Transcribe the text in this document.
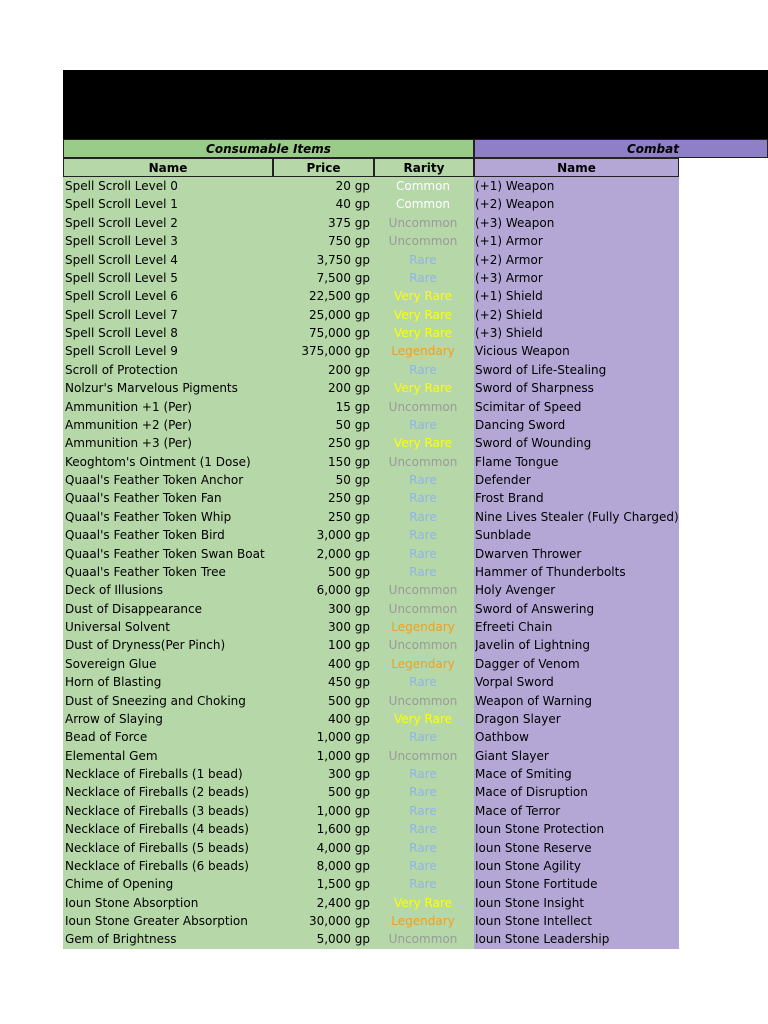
Consumable Items	Combat
Name	Price	Rarity	Name
Spell Scroll Level 0	20 gp	Common	(+1) Weapon
Spell Scroll Level 1	40 gp	Common	(+2) Weapon
Spell Scroll Level 2	375 gp	Uncommon	(+3) Weapon
Spell Scroll Level 3	750 gp	Uncommon	(+1) Armor
Spell Scroll Level 4	3,750 gp	Rare	(+2) Armor
Spell Scroll Level 5	7,500 gp	Rare	(+3) Armor
Spell Scroll Level 6	22,500 gp	Very Rare	(+1) Shield
Spell Scroll Level 7	25,000 gp	Very Rare	(+2) Shield
Spell Scroll Level 8	75,000 gp	Very Rare	(+3) Shield
Spell Scroll Level 9	375,000 gp	Legendary	Vicious Weapon
Scroll of Protection	200 gp	Rare	Sword of Life-Stealing
Nolzur's Marvelous Pigments	200 gp	Very Rare	Sword of Sharpness
Ammunition +1 (Per)	15 gp	Uncommon	Scimitar of Speed
Ammunition +2 (Per)	50 gp	Rare	Dancing Sword
Ammunition +3 (Per)	250 gp	Very Rare	Sword of Wounding
Keoghtom's Ointment (1 Dose)	150 gp	Uncommon	Flame Tongue
Quaal's Feather Token Anchor	50 gp	Rare	Defender
Quaal's Feather Token Fan	250 gp	Rare	Frost Brand
Quaal's Feather Token Whip	250 gp	Rare	Nine Lives Stealer (Fully Charged)
Quaal's Feather Token Bird	3,000 gp	Rare	Sunblade
Quaal's Feather Token Swan Boat	2,000 gp	Rare	Dwarven Thrower
Quaal's Feather Token Tree	500 gp	Rare	Hammer of Thunderbolts
Deck of Illusions	6,000 gp	Uncommon	Holy Avenger
Dust of Disappearance	300 gp	Uncommon	Sword of Answering
Universal Solvent	300 gp	Legendary	Efreeti Chain
Dust of Dryness(Per Pinch)	100 gp	Uncommon	Javelin of Lightning
Sovereign Glue	400 gp	Legendary	Dagger of Venom
Horn of Blasting	450 gp	Rare	Vorpal Sword
Dust of Sneezing and Choking	500 gp	Uncommon	Weapon of Warning
Arrow of Slaying	400 gp	Very Rare	Dragon Slayer
Bead of Force	1,000 gp	Rare	Oathbow
Elemental Gem	1,000 gp	Uncommon	Giant Slayer
Necklace of Fireballs (1 bead)	300 gp	Rare	Mace of Smiting
Necklace of Fireballs (2 beads)	500 gp	Rare	Mace of Disruption
Necklace of Fireballs (3 beads)	1,000 gp	Rare	Mace of Terror
Necklace of Fireballs (4 beads)	1,600 gp	Rare	Ioun Stone Protection
Necklace of Fireballs (5 beads)	4,000 gp	Rare	Ioun Stone Reserve
Necklace of Fireballs (6 beads)	8,000 gp	Rare	Ioun Stone Agility
Chime of Opening	1,500 gp	Rare	Ioun Stone Fortitude
Ioun Stone Absorption	2,400 gp	Very Rare	Ioun Stone Insight
Ioun Stone Greater Absorption	30,000 gp	Legendary	Ioun Stone Intellect
Gem of Brightness	5,000 gp	Uncommon	Ioun Stone Leadership
